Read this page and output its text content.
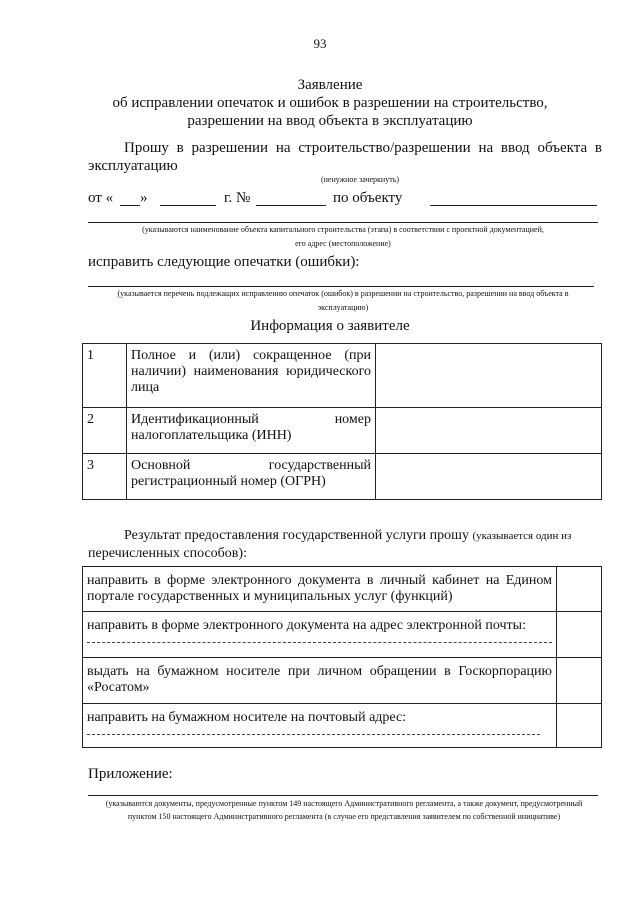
93
Заявление
об исправлении опечаток и ошибок в разрешении на строительство,
разрешении на ввод объекта в эксплуатацию
Прошу в разрешении на строительство/разрешении на ввод объекта в
эксплуатацию
(ненужное зачеркнуть)
от « »	г. №	по объекту
(указываются наименование объекта капитального строительства (этапа) в соответствии с проектной документацией,
его адрес (местоположение)
исправить следующие опечатки (ошибки):
(указывается перечень подлежащих исправлению опечаток (ошибок) в разрешении на строительство, разрешении на ввод объекта в
эксплуатацию)
Информация о заявителе
1	Полное и (или) сокращенное (при наличии) наименования юридического лица	
2	Идентификационный номер налогоплательщика (ИНН)	
3	Основной государственный регистрационный номер (ОГРН)	
Результат предоставления государственной услуги прошу (указывается один из
перечисленных способов):
направить в форме электронного документа в личный кабинет на Едином порталe государственных и муниципальных услуг (функций)	

направить в форме электронного документа на адрес электронной почты:	

выдать на бумажном носителе при личном обращении в Госкорпорацию «Росатом»	

направить на бумажном носителе на почтовый адрес:	

Приложение:
(указываются документы, предусмотренные пунктом 149 настоящего Административного регламента, а также документ, предусмотренный
пунктом 150 настоящего Административного регламента (в случае его представления заявителем по собственной инициативе)
